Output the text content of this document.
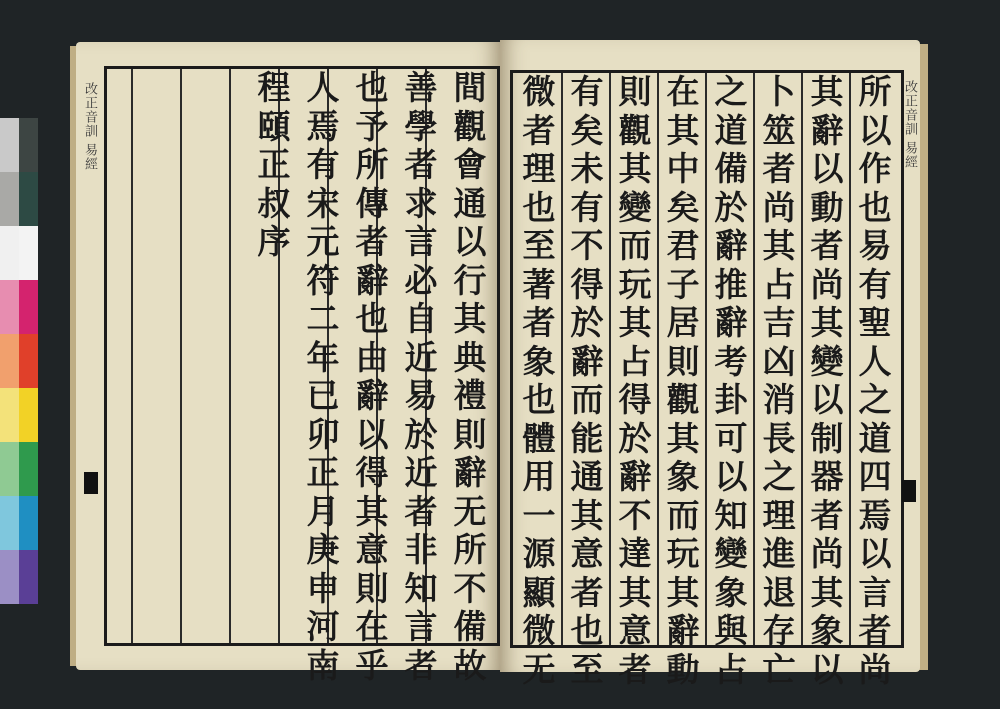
間
觀
會
通
以
行
其
典
禮
則
辭
无
所
不
備
故
善
學
者
求
言
必
自
近
易
於
近
者
非
知
言
者
也
予
所
傳
者
辭
也
由
辭
以
得
其
意
則
在
乎
人
焉
有
宋
元
符
二
年
已
卯
正
月
庚
申
河
南
程
頤
正
叔
序
改正音訓 易經	所
以
作
也
易
有
聖
人
之
道
四
焉
以
言
者
尚
其
辭
以
動
者
尚
其
變
以
制
器
者
尚
其
象
以
卜
筮
者
尚
其
占
吉
凶
消
長
之
理
進
退
存
亡
之
道
備
於
辭
推
辭
考
卦
可
以
知
變
象
與
占
在
其
中
矣
君
子
居
則
觀
其
象
而
玩
其
辭
動
則
觀
其
變
而
玩
其
占
得
於
辭
不
達
其
意
者
有
矣
未
有
不
得
於
辭
而
能
通
其
意
者
也
至
微
者
理
也
至
著
者
象
也
體
用
一
源
顯
微
无
改正音訓 易經
